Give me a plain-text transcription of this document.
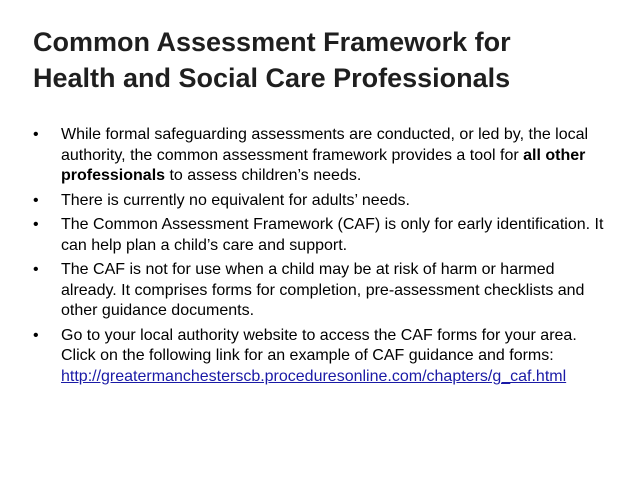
Common Assessment Framework for
Health and Social Care Professionals
•	While formal safeguarding assessments are conducted, or led by, the local authority, the common assessment framework provides a tool for all other professionals to assess children’s needs.
•	There is currently no equivalent for adults’ needs.
•	The Common Assessment Framework (CAF) is only for early identification. It can help plan a child’s care and support.
•	The CAF is not for use when a child may be at risk of harm or harmed already. It comprises forms for completion, pre-assessment checklists and other guidance documents.
•	Go to your local authority website to access the CAF forms for your area. Click on the following link for an example of CAF guidance and forms: http://greatermanchesterscb.proceduresonline.com/chapters/g_caf.html
